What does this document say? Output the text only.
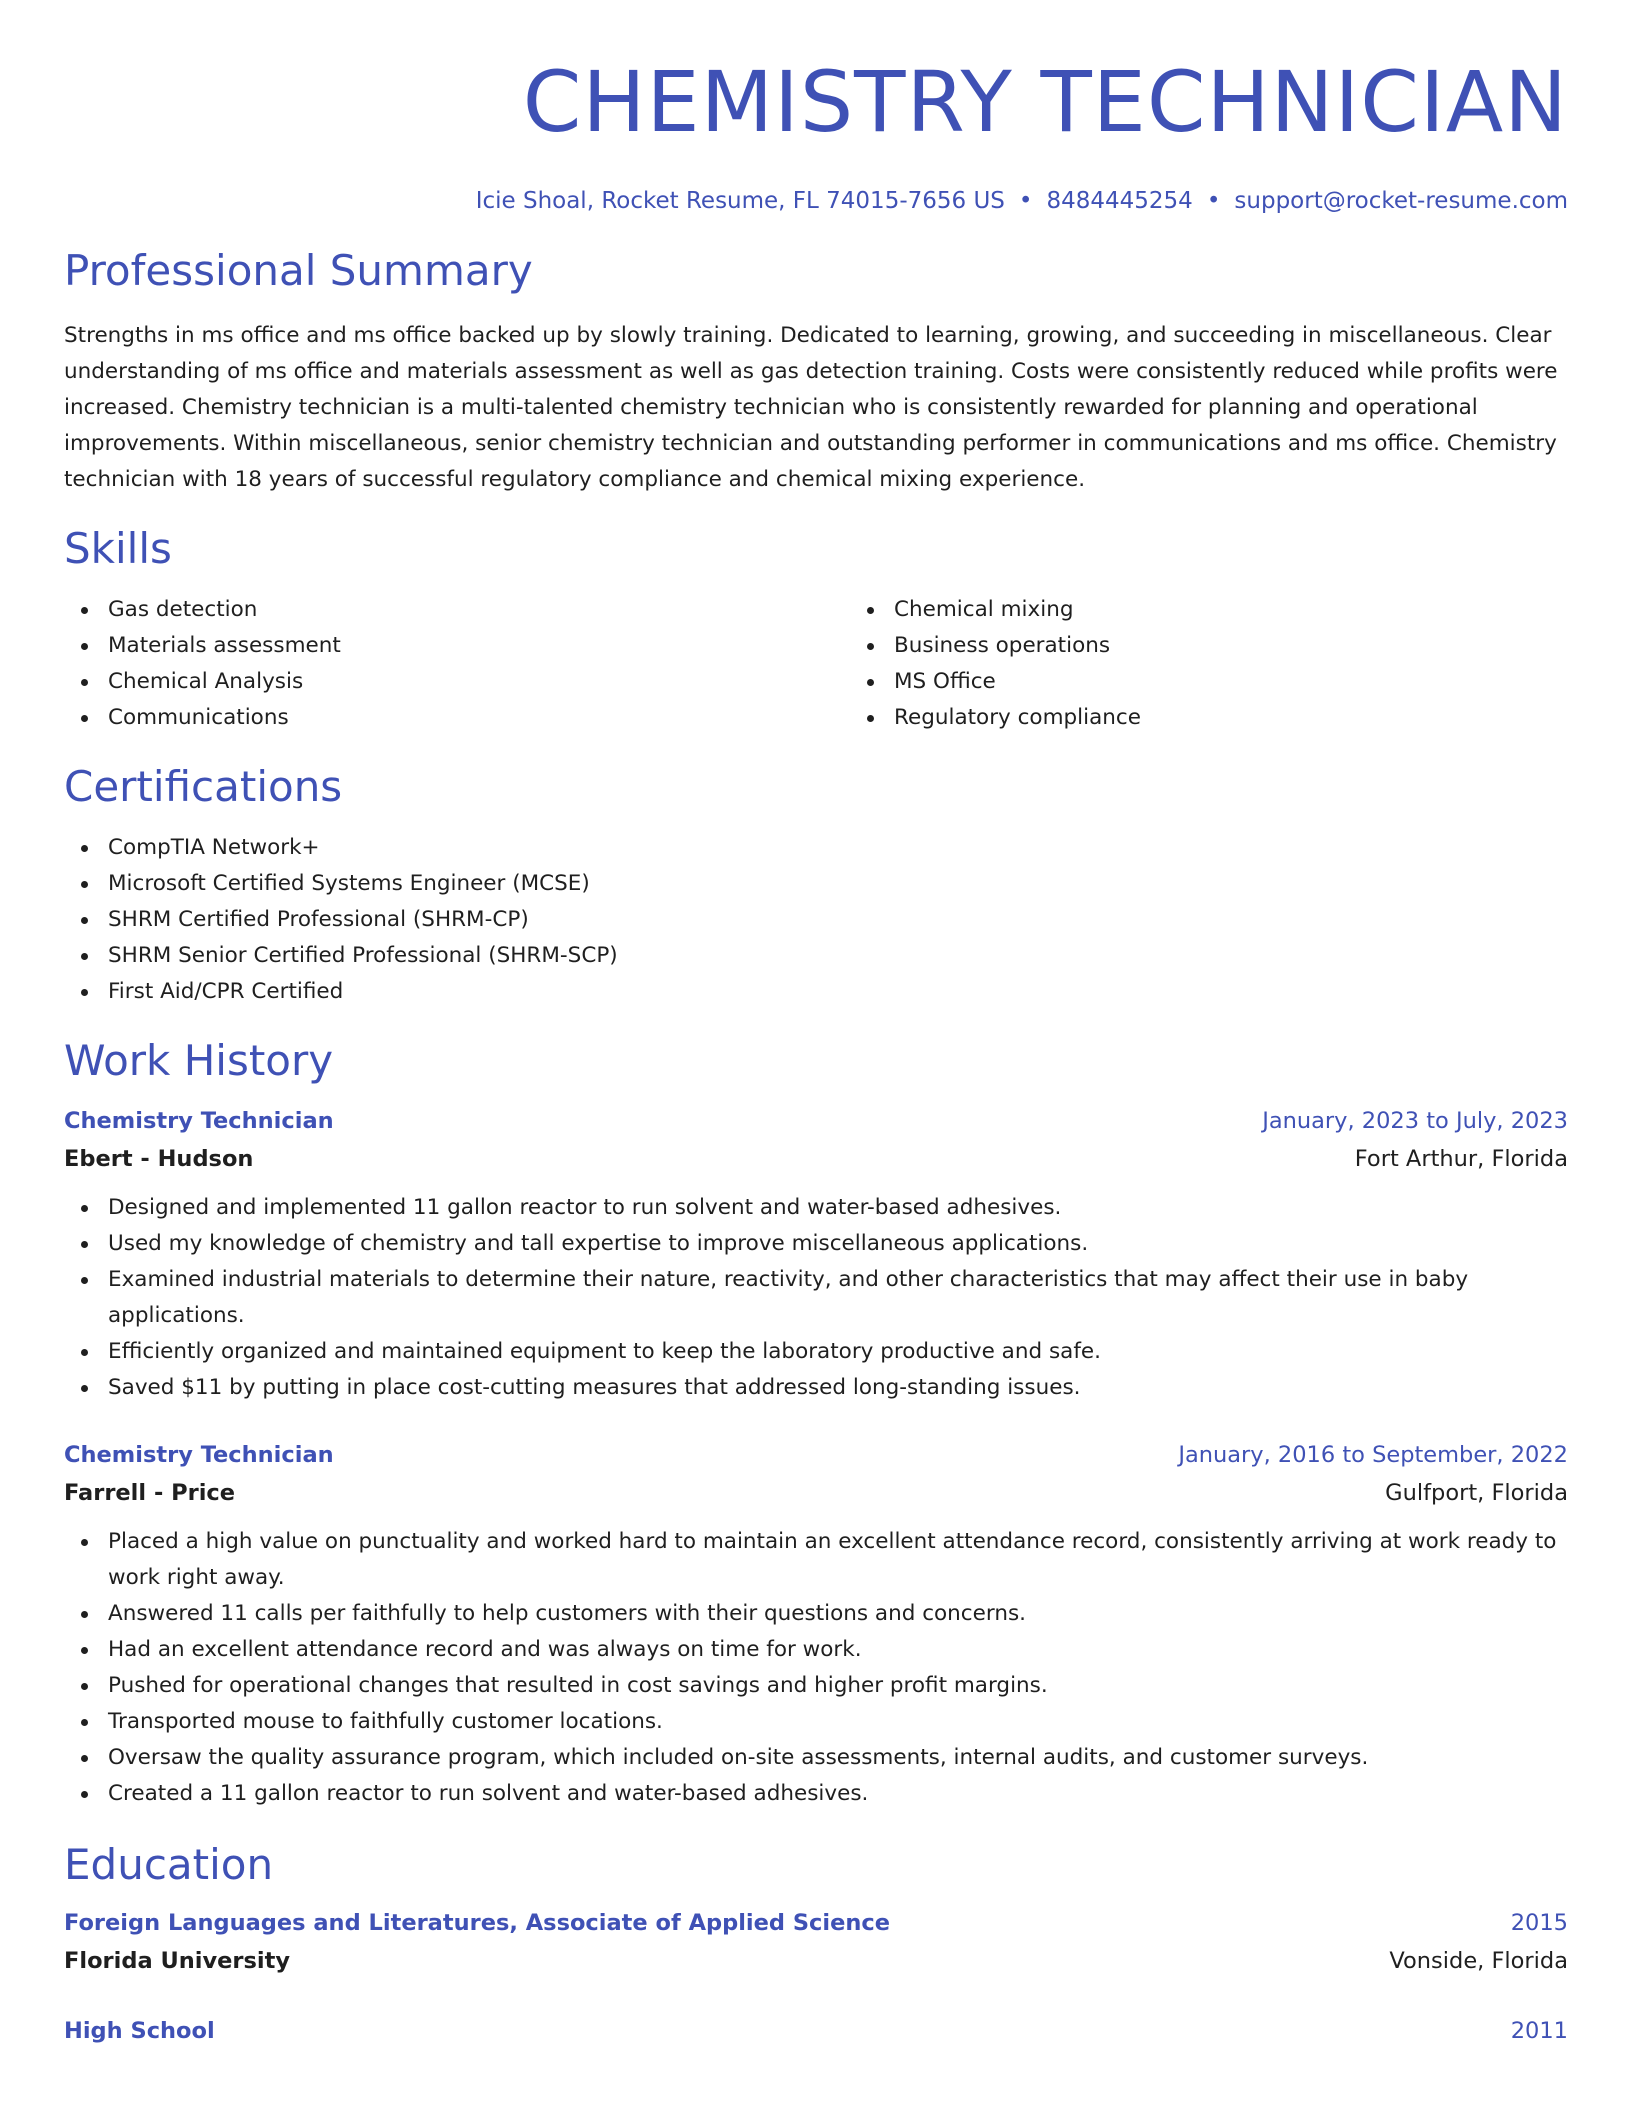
CHEMISTRY TECHNICIAN
Icie Shoal, Rocket Resume, FL 74015-7656 US • 8484445254 • support@rocket-resume.com
Professional Summary

Strengths in ms office and ms office backed up by slowly training. Dedicated to learning, growing, and succeeding in miscellaneous. Clear understanding of ms office and materials assessment as well as gas detection training. Costs were consistently reduced while profits were increased. Chemistry technician is a multi-talented chemistry technician who is consistently rewarded for planning and operational improvements. Within miscellaneous, senior chemistry technician and outstanding performer in communications and ms office. Chemistry technician with 18 years of successful regulatory compliance and chemical mixing experience.

Skills
Gas detection
Materials assessment
Chemical Analysis
Communications
Chemical mixing
Business operations
MS Office
Regulatory compliance
Certifications
CompTIA Network+
Microsoft Certified Systems Engineer (MCSE)
SHRM Certified Professional (SHRM-CP)
SHRM Senior Certified Professional (SHRM-SCP)
First Aid/CPR Certified
Work History
Chemistry Technician	January, 2023 to July, 2023
Ebert - Hudson	Fort Arthur, Florida
Designed and implemented 11 gallon reactor to run solvent and water-based adhesives.
Used my knowledge of chemistry and tall expertise to improve miscellaneous applications.
Examined industrial materials to determine their nature, reactivity, and other characteristics that may affect their use in baby applications.
Efficiently organized and maintained equipment to keep the laboratory productive and safe.
Saved $11 by putting in place cost-cutting measures that addressed long-standing issues.
Chemistry Technician	January, 2016 to September, 2022
Farrell - Price	Gulfport, Florida
Placed a high value on punctuality and worked hard to maintain an excellent attendance record, consistently arriving at work ready to work right away.
Answered 11 calls per faithfully to help customers with their questions and concerns.
Had an excellent attendance record and was always on time for work.
Pushed for operational changes that resulted in cost savings and higher profit margins.
Transported mouse to faithfully customer locations.
Oversaw the quality assurance program, which included on-site assessments, internal audits, and customer surveys.
Created a 11 gallon reactor to run solvent and water-based adhesives.
Education
Foreign Languages and Literatures, Associate of Applied Science	2015
Florida University	Vonside, Florida
High School	2011
